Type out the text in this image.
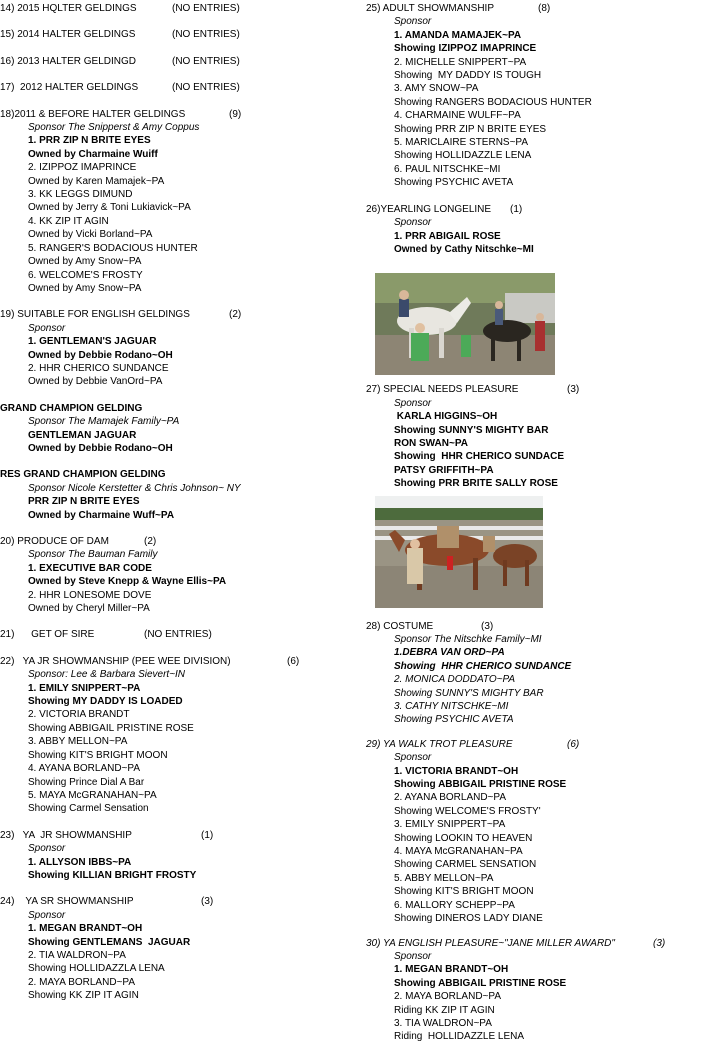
14) 2015 HQLTER GELDINGS	(NO ENTRIES)
15) 2014 HALTER GELDINGS	(NO ENTRIES)
16) 2013 HALTER GELDINGD	(NO ENTRIES)
17)  2012 HALTER GELDINGS	(NO ENTRIES)
18)2011 & BEFORE HALTER GELDINGS	(9)
Sponsor The Snipperst & Amy Coppus
1. PRR ZIP N BRITE EYES
Owned by Charmaine Wuiff
2. IZIPPOZ IMAPRINCE
Owned by Karen Mamajek~PA
3. KK LEGGS DIMUND
Owned by Jerry & Toni Lukiavick~PA
4. KK ZIP IT AGIN
Owned by Vicki Borland~PA
5. RANGER'S BODACIOUS HUNTER
Owned by Amy Snow~PA
6. WELCOME'S FROSTY
Owned by Amy Snow~PA
19) SUITABLE FOR ENGLISH GELDINGS	(2)
Sponsor
1. GENTLEMAN'S JAGUAR
Owned by Debbie Rodano~OH
2. HHR CHERICO SUNDANCE
Owned by Debbie VanOrd~PA
GRAND CHAMPION GELDING
Sponsor The Mamajek Family~PA
GENTLEMAN JAGUAR
Owned by Debbie Rodano~OH
RES GRAND CHAMPION GELDING
Sponsor Nicole Kerstetter & Chris Johnson~ NY
PRR ZIP N BRITE EYES
Owned by Charmaine Wuff~PA
20) PRODUCE OF DAM	(2)
Sponsor The Bauman Family
1. EXECUTIVE BAR CODE
Owned by Steve Knepp & Wayne Ellis~PA
2. HHR LONESOME DOVE
Owned by Cheryl Miller~PA
21)      GET OF SIRE	(NO ENTRIES)
22)   YA JR SHOWMANSHIP (PEE WEE DIVISION)	(6)
Sponsor: Lee & Barbara Sievert~IN
1. EMILY SNIPPERT~PA
Showing MY DADDY IS LOADED
2. VICTORIA BRANDT
Showing ABBIGAIL PRISTINE ROSE
3. ABBY MELLON~PA
Showing KIT'S BRIGHT MOON
4. AYANA BORLAND~PA
Showing Prince Dial A Bar
5. MAYA McGRANAHAN~PA
Showing Carmel Sensation
23)   YA  JR SHOWMANSHIP	(1)
Sponsor
1. ALLYSON IBBS~PA
Showing KILLIAN BRIGHT FROSTY
24)    YA SR SHOWMANSHIP	(3)
Sponsor
1. MEGAN BRANDT~OH
Showing GENTLEMANS  JAGUAR
2. TIA WALDRON~PA
Showing HOLLIDAZZLA LENA
2. MAYA BORLAND~PA
Showing KK ZIP IT AGIN
25) ADULT SHOWMANSHIP	(8)
Sponsor
1. AMANDA MAMAJEK~PA
Showing IZIPPOZ IMAPRINCE
2. MICHELLE SNIPPERT~PA
Showing  MY DADDY IS TOUGH
3. AMY SNOW~PA
Showing RANGERS BODACIOUS HUNTER
4. CHARMAINE WULFF~PA
Showing PRR ZIP N BRITE EYES
5. MARICLAIRE STERNS~PA
Showing HOLLIDAZZLE LENA
6. PAUL NITSCHKE~MI
Showing PSYCHIC AVETA
26)YEARLING LONGELINE (1)
Sponsor
1. PRR ABIGAIL ROSE
Owned by Cathy Nitschke~MI
27) SPECIAL NEEDS PLEASURE	(3)
Sponsor
KARLA HIGGINS~OH
Showing SUNNY'S MIGHTY BAR
RON SWAN~PA
Showing  HHR CHERICO SUNDACE
PATSY GRIFFITH~PA
Showing PRR BRITE SALLY ROSE
28) COSTUME	(3)
Sponsor The Nitschke Family~MI
1.DEBRA VAN ORD~PA
Showing  HHR CHERICO SUNDANCE
2. MONICA DODDATO~PA
Showing SUNNY'S MIGHTY BAR
3. CATHY NITSCHKE~MI
Showing PSYCHIC AVETA
29) YA WALK TROT PLEASURE	(6)
Sponsor
1. VICTORIA BRANDT~OH
Showing ABBIGAIL PRISTINE ROSE
2. AYANA BORLAND~PA
Showing WELCOME'S FROSTY'
3. EMILY SNIPPERT~PA
Showing LOOKIN TO HEAVEN
4. MAYA McGRANAHAN~PA
Showing CARMEL SENSATION
5. ABBY MELLON~PA
Showing KIT'S BRIGHT MOON
6. MALLORY SCHEPP~PA
Showing DINEROS LADY DIANE
30) YA ENGLISH PLEASURE~"JANE MILLER AWARD"	(3)
Sponsor
1. MEGAN BRANDT~OH
Showing ABBIGAIL PRISTINE ROSE
2. MAYA BORLAND~PA
Riding KK ZIP IT AGIN
3. TIA WALDRON~PA
Riding  HOLLIDAZZLE LENA
